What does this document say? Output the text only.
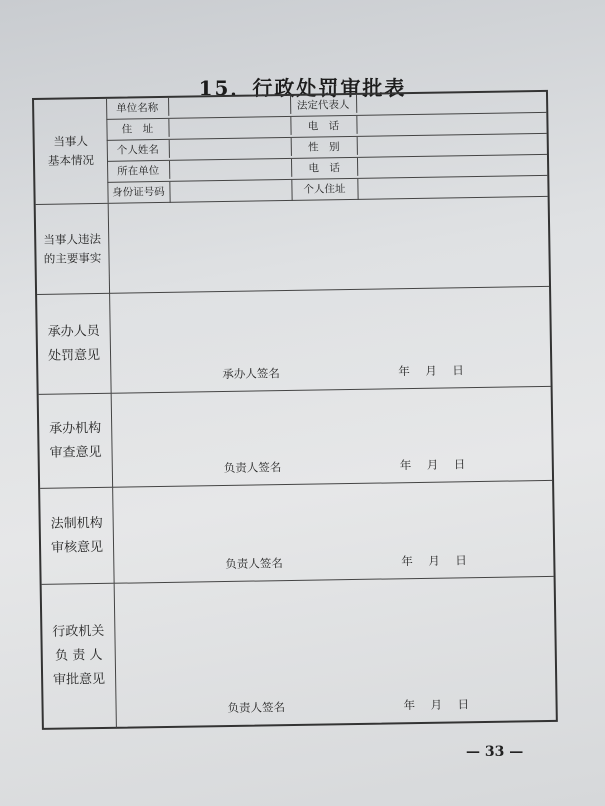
15．行政处罚审批表
当事人
基本情况
单位名称	法定代表人
住　址	电　话
个人姓名	性　别
所在单位	电　话
身份证号码	个人住址
当事人违法
的主要事实
承办人员
处罚意见
承办人签名	年　月　日
承办机构
审查意见
负责人签名	年　月　日
法制机构
审核意见
负责人签名	年　月　日
行政机关
负 责 人
审批意见
负责人签名	年　月　日
— 33 —
